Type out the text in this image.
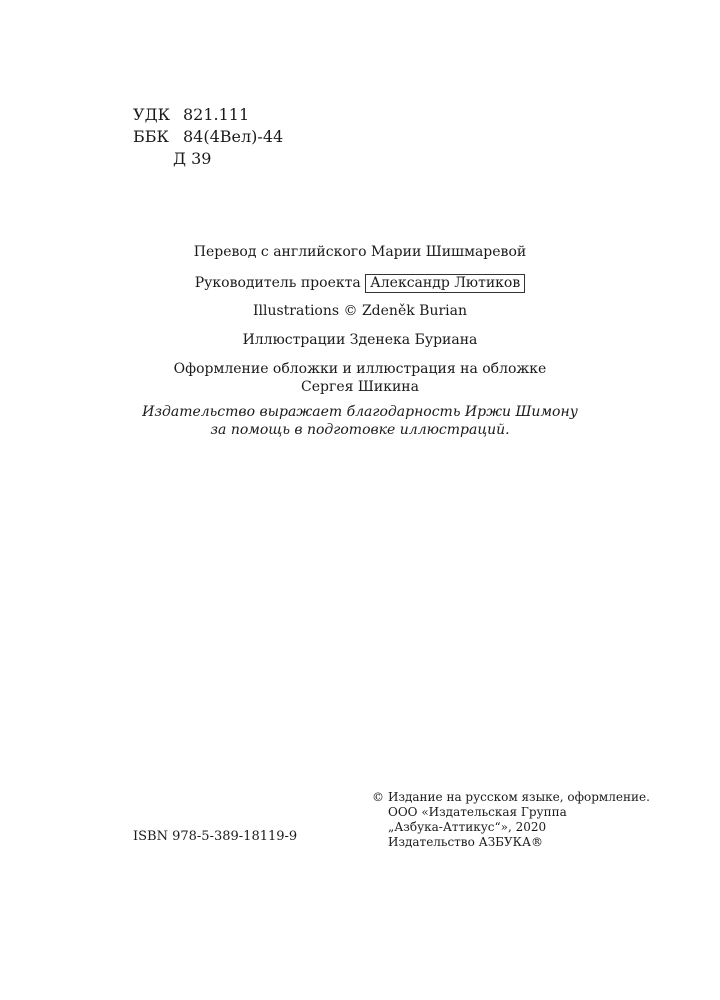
УДК 821.111
ББК 84(4Вел)-44
Д 39
Перевод с английского Марии Шишмаревой
Руководитель проекта Александр Лютиков
Illustrations © Zdeněk Burian
Иллюстрации Зденека Буриана
Оформление обложки и иллюстрация на обложке
Сергея Шикина
Издательство выражает благодарность Иржи Шимону
за помощь в подготовке иллюстраций.
ISBN 978-5-389-18119-9
© Издание на русском языке, оформление.
ООО «Издательская Группа
„Азбука-Аттикус“», 2020
Издательство АЗБУКА®
